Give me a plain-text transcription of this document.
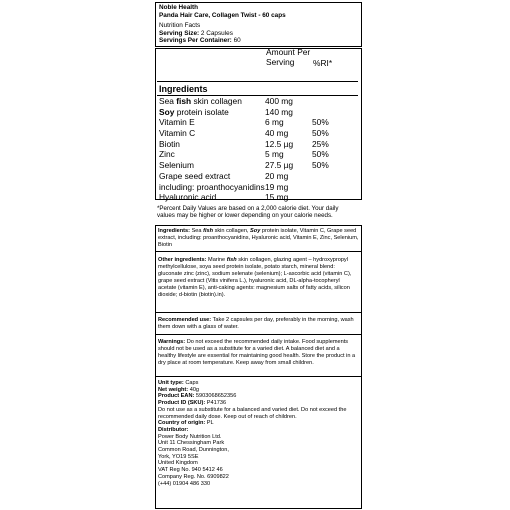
Noble Health
Panda Hair Care, Collagen Twist - 60 caps
Nutrition Facts
Serving Size: 2 Capsules
Servings Per Container: 60
Amount Per Serving	%RI*
Ingredients
Sea fish skin collagen	400 mg
Soy protein isolate	140 mg
Vitamin E	6 mg	50%
Vitamin C	40 mg	50%
Biotin	12.5 µg 25%
Zinc	5 mg	50%
Selenium	27.5 µg 50%
Grape seed extract	20 mg
including: proanthocyanidins 19 mg
Hyaluronic acid	15 mg
*Percent Daily Values are based on a 2,000 calorie diet. Your daily values may be higher or lower depending on your calorie needs.
Ingredients: Sea fish skin collagen, Soy protein isolate, Vitamin C, Grape seed extract, including: proanthocyanidins, Hyaluronic acid, Vitamin E, Zinc, Selenium, Biotin
Other ingredients: Marine fish skin collagen, glazing agent – hydroxypropyl methylcellulose, soya seed protein isolate, potato starch, mineral blend: gluconate zinc (zinc), sodium selenate (selenium); L-ascorbic acid (vitamin C), grape seed extract (Vitis vinifera L.), hyaluronic acid, DL-alpha-tocopheryl acetate (vitamin E), anti-caking agents: magnesium salts of fatty acids, silicon dioxide; d-biotin (biotin).in).
Recommended use: Take 2 capsules per day, preferably in the morning, wash them down with a glass of water.
Warnings: Do not exceed the recommended daily intake. Food supplements should not be used as a substitute for a varied diet. A balanced diet and a healthy lifestyle are essential for maintaining good health. Store the product in a dry place at room temperature. Keep away from small children.
Unit type: Caps
Net weight: 40g
Product EAN: 5903068652356
Product ID (SKU): P41736
Do not use as a substitute for a balanced and varied diet. Do not exceed the recommended daily dose. Keep out of reach of children.
Country of origin: PL
Distributor:
Power Body Nutrition Ltd.
Unit 11 Chessingham Park
Common Road, Dunnington,
York, YO19 5SE
United Kingdom
VAT Reg No. 940 5412 46
Company Reg. No. 6909822
(+44) 01904 486 330
